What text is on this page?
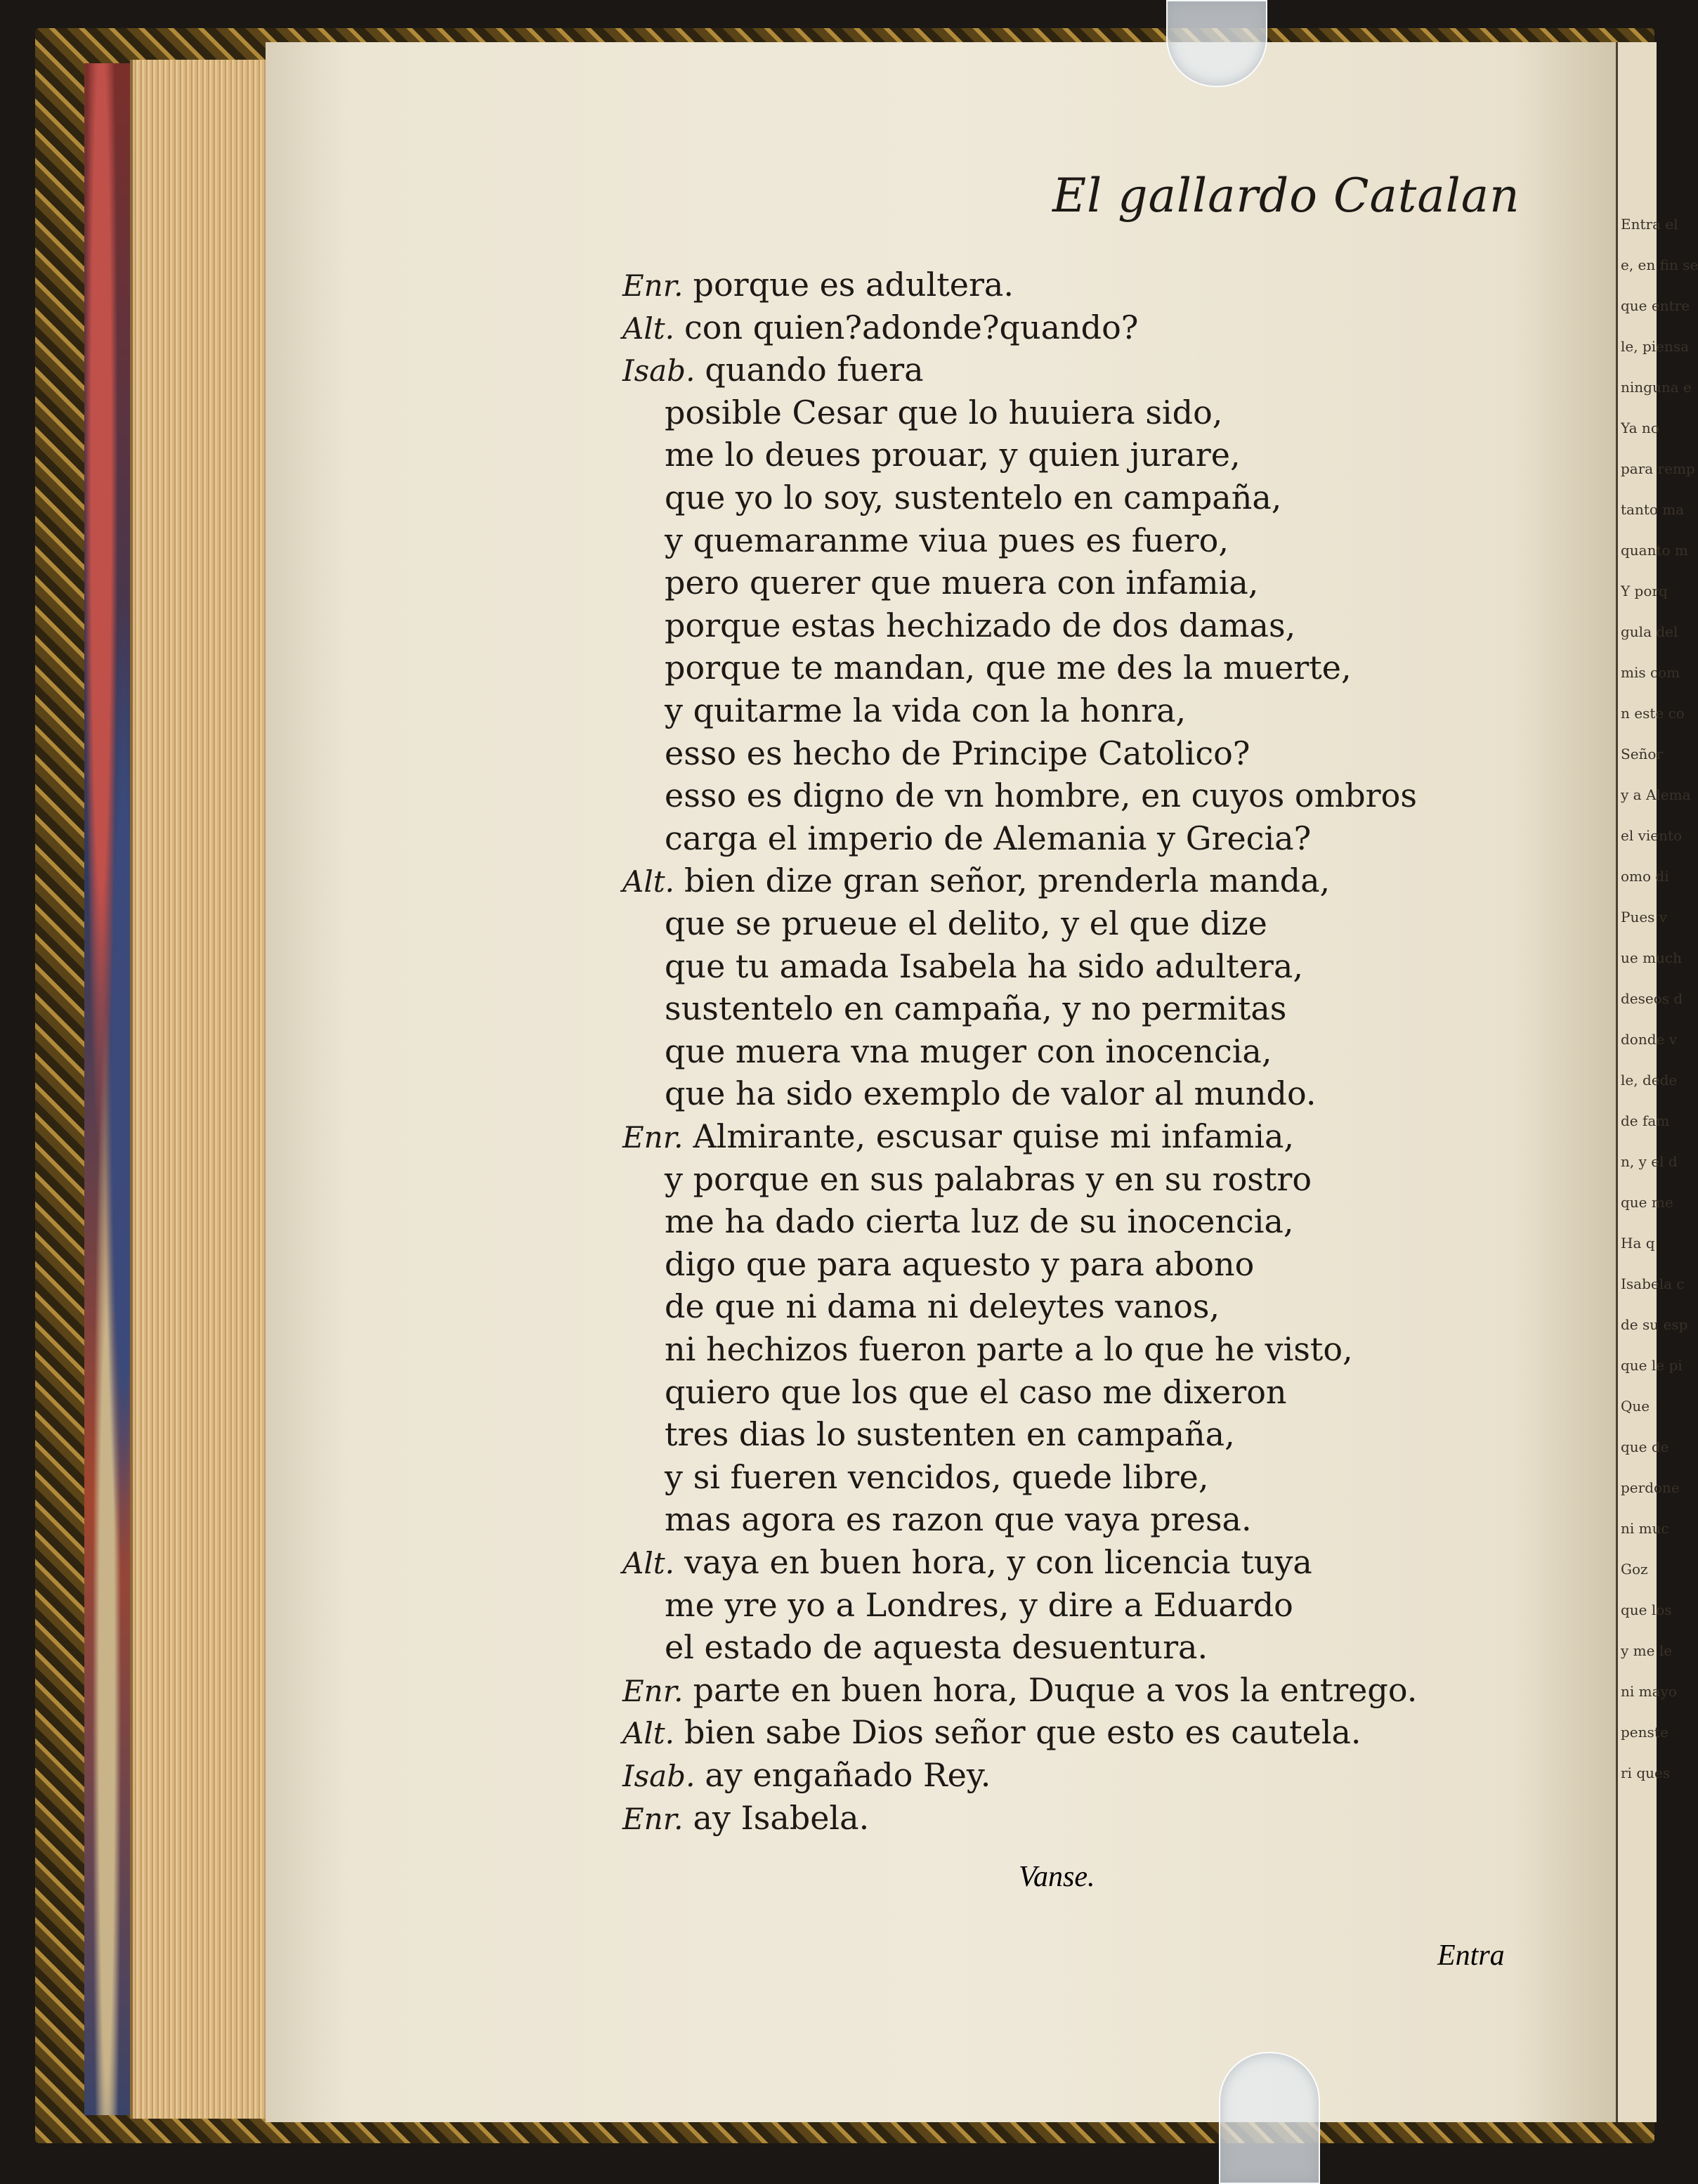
El gallardo Catalan
Enr. porque es adultera.
Alt. con quien?adonde?quando?
Isab. quando fuera
posible Cesar que lo huuiera sido,
me lo deues prouar, y quien jurare,
que yo lo soy, sustentelo en campaña,
y quemaranme viua pues es fuero,
pero querer que muera con infamia,
porque estas hechizado de dos damas,
porque te mandan, que me des la muerte,
y quitarme la vida con la honra,
esso es hecho de Principe Catolico?
esso es digno de vn hombre, en cuyos ombros
carga el imperio de Alemania y Grecia?
Alt. bien dize gran señor, prenderla manda,
que se prueue el delito, y el que dize
que tu amada Isabela ha sido adultera,
sustentelo en campaña, y no permitas
que muera vna muger con inocencia,
que ha sido exemplo de valor al mundo.
Enr. Almirante, escusar quise mi infamia,
y porque en sus palabras y en su rostro
me ha dado cierta luz de su inocencia,
digo que para aquesto y para abono
de que ni dama ni deleytes vanos,
ni hechizos fueron parte a lo que he visto,
quiero que los que el caso me dixeron
tres dias lo sustenten en campaña,
y si fueren vencidos, quede libre,
mas agora es razon que vaya presa.
Alt. vaya en buen hora, y con licencia tuya
me yre yo a Londres, y dire a Eduardo
el estado de aquesta desuentura.
Enr. parte en buen hora, Duque a vos la entrego.
Alt. bien sabe Dios señor que esto es cautela.
Isab. ay engañado Rey.
Enr. ay Isabela.
Vanse.
Entra
Entra el
e, en fin se
que entre
le, piensa
ninguna e
Ya no
para remp
tanto ma
quanto m
Y porq
gula del
mis com
n este co
Señor
y a Alema
el viento
omo di
Pues v
ue much
deseos d
donde v
le, dede
de fam
n, y el d
que me
Ha q
Isabela c
de su esp
que le pi
Que
que de
perdone
ni muc
Goz
que los
y me le
ni mayo
penste
ri ques
